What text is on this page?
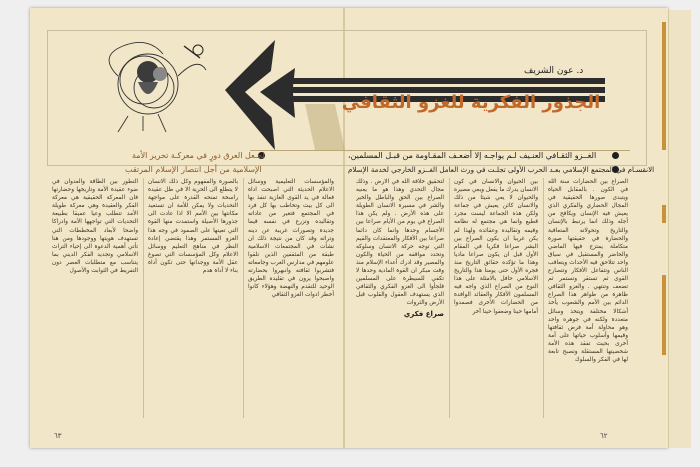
د. عون الشريف
الجذور الفكرية للغزو الثقافي
الغــزو الثقـافي العنـيف لـم يواجـه إلا أضعـف المقـاومة من قبـل المسلمين،
الانقسـام في المجتمع الإسلامي بعـد الحرب الأولى تجلـت في ورث العامل الغــزو الخارجي لخدمة الإسلام
لجـعل العرق دورٍ في معركـة تحرير الأمة
الإسلامية من أجل انتصار الإسلام المرتقب
الصراع بين الحضارات سنة الله في الكون . بالمقابل الحياة ويتبدى صورها الحقيقية في المجال الحضاري والفكري الذي يعيش فيه الإنسان ويكافح من أجله وذلك انما يرتبط بالإنسان والتاريخ وتحولاته المتعاقبة والحضارة في حقيقتها صورة متكاملة يمتزج فيها الماضي والحاضر والمستقبل في سياق واحد تتلاحق فيه الأحداث ويتعاقب الناس وتتفاعل الأفكار وتتصارع القوى ثم تستقر وتستمر ثم تضعف وتنتهي . والغزو الثقافي ظاهرة من ظواهر هذا الصراع الدائم بين الأمم والشعوب يأخذ أشكالا مختلفة ويتخذ وسائل متعددة ولكنه في جوهره واحد وهو محاولة أمة فرض ثقافتها وقيمها وأسلوب حياتها على أمة أخرى بحيث تفقد هذه الأمة شخصيتها المستقلة وتصبح تابعة لها في الفكر والسلوك
بين الحيوان والانسان في كون الانسان يدرك ما يفعل ويعي مصيره والحيوان لا يعي شيئا من ذلك والانسان كائن يعيش في جماعة ولكن هذه الجماعة ليست مجرد قطيع وانما هي مجتمع له نظامه وقيمه وتقاليده وعقائده ولهذا لم يكن غريبا ان يكون الصراع بين البشر صراعا فكريا في المقام الأول قبل ان يكون صراعا ماديا وهذا ما تؤكده حقائق التاريخ منذ فجره الأول حتى يومنا هذا والتاريخ الاسلامي حافل بالامثلة على هذا النوع من الصراع الذي واجه فيه المسلمون الأفكار والعقائد الوافدة من الحضارات الأخرى فصمدوا أمامها حينا وضعفوا حينا آخر
لتحقيق خلافة الله في الارض . وذلك مجال التحدي وهذا هو ما يعنيه الصراع بين الحق والباطل والخير والشر في مسيرة الانسان الطويلة على هذه الأرض . ولم يكن هذا الصراع في يوم من الأيام صراعا بين الأجسام وحدها وانما كان دائما صراعا بين الأفكار والمعتقدات والقيم التي توجه حركة الانسان وسلوكه وتحدد مواقفه من الحياة والكون والمصير وقد ادرك أعداء الإسلام منذ وقت مبكر ان القوة المادية وحدها لا تكفي للسيطرة على المسلمين فلجأوا الى الغزو الفكري والثقافي الذي يستهدف العقول والقلوب قبل الأرض والثروات
صراع فكري
والمؤسسات التعليمية ووسائل الاعلام الحديثة التي اصبحت اداة فعالة في يد القوى الغازية تنفذ بها الى كل بيت وتخاطب بها كل فرد في المجتمع فتغير من عاداته وتقاليده وتزرع في نفسه قيما جديدة وتصورات غريبة عن دينه وتراثه وقد كان من نتيجة ذلك ان نشأت في المجتمعات الاسلامية طبقة من المثقفين الذين تلقوا علومهم في مدارس الغرب وجامعاته فتشربوا ثقافته وانبهروا بحضارته واصبحوا يرون في تقليده الطريق الوحيد للتقدم والنهضة وهؤلاء كانوا أخطر ادوات الغزو الثقافي
بالصورة والمفهوم وكل ذلك الانسان لا يتطلع الى الحرية الا في ظل عقيدة راسخة تمنحه القدرة على مواجهة التحديات ولا يمكن للأمة ان تستعيد مكانتها بين الأمم الا اذا عادت الى جذورها الأصيلة واستمدت منها القوة التي تعينها على الصمود في وجه هذا الغزو المستمر وهذا يقتضي إعادة النظر في مناهج التعليم ووسائل الاعلام وكل المؤسسات التي تصوغ عقل الأمة ووجدانها حتى تكون أداة بناء لا أداة هدم
التطور بين الطاقة والعدوان في ضوء عقيدة الأمة وتاريخها وحضارتها فان المعركة الحقيقية هي معركة الفكر والعقيدة وهي معركة طويلة الأمد تتطلب وعيا عميقا بطبيعة التحديات التي تواجهها الأمة وادراكا واضحا لأبعاد المخططات التي تستهدف هويتها ووجودها ومن هنا تأتي أهمية الدعوة الى إحياء التراث الاسلامي وتجديد الفكر الديني بما يتناسب مع متطلبات العصر دون التفريط في الثوابت والأصول
٦٣	٦٢
